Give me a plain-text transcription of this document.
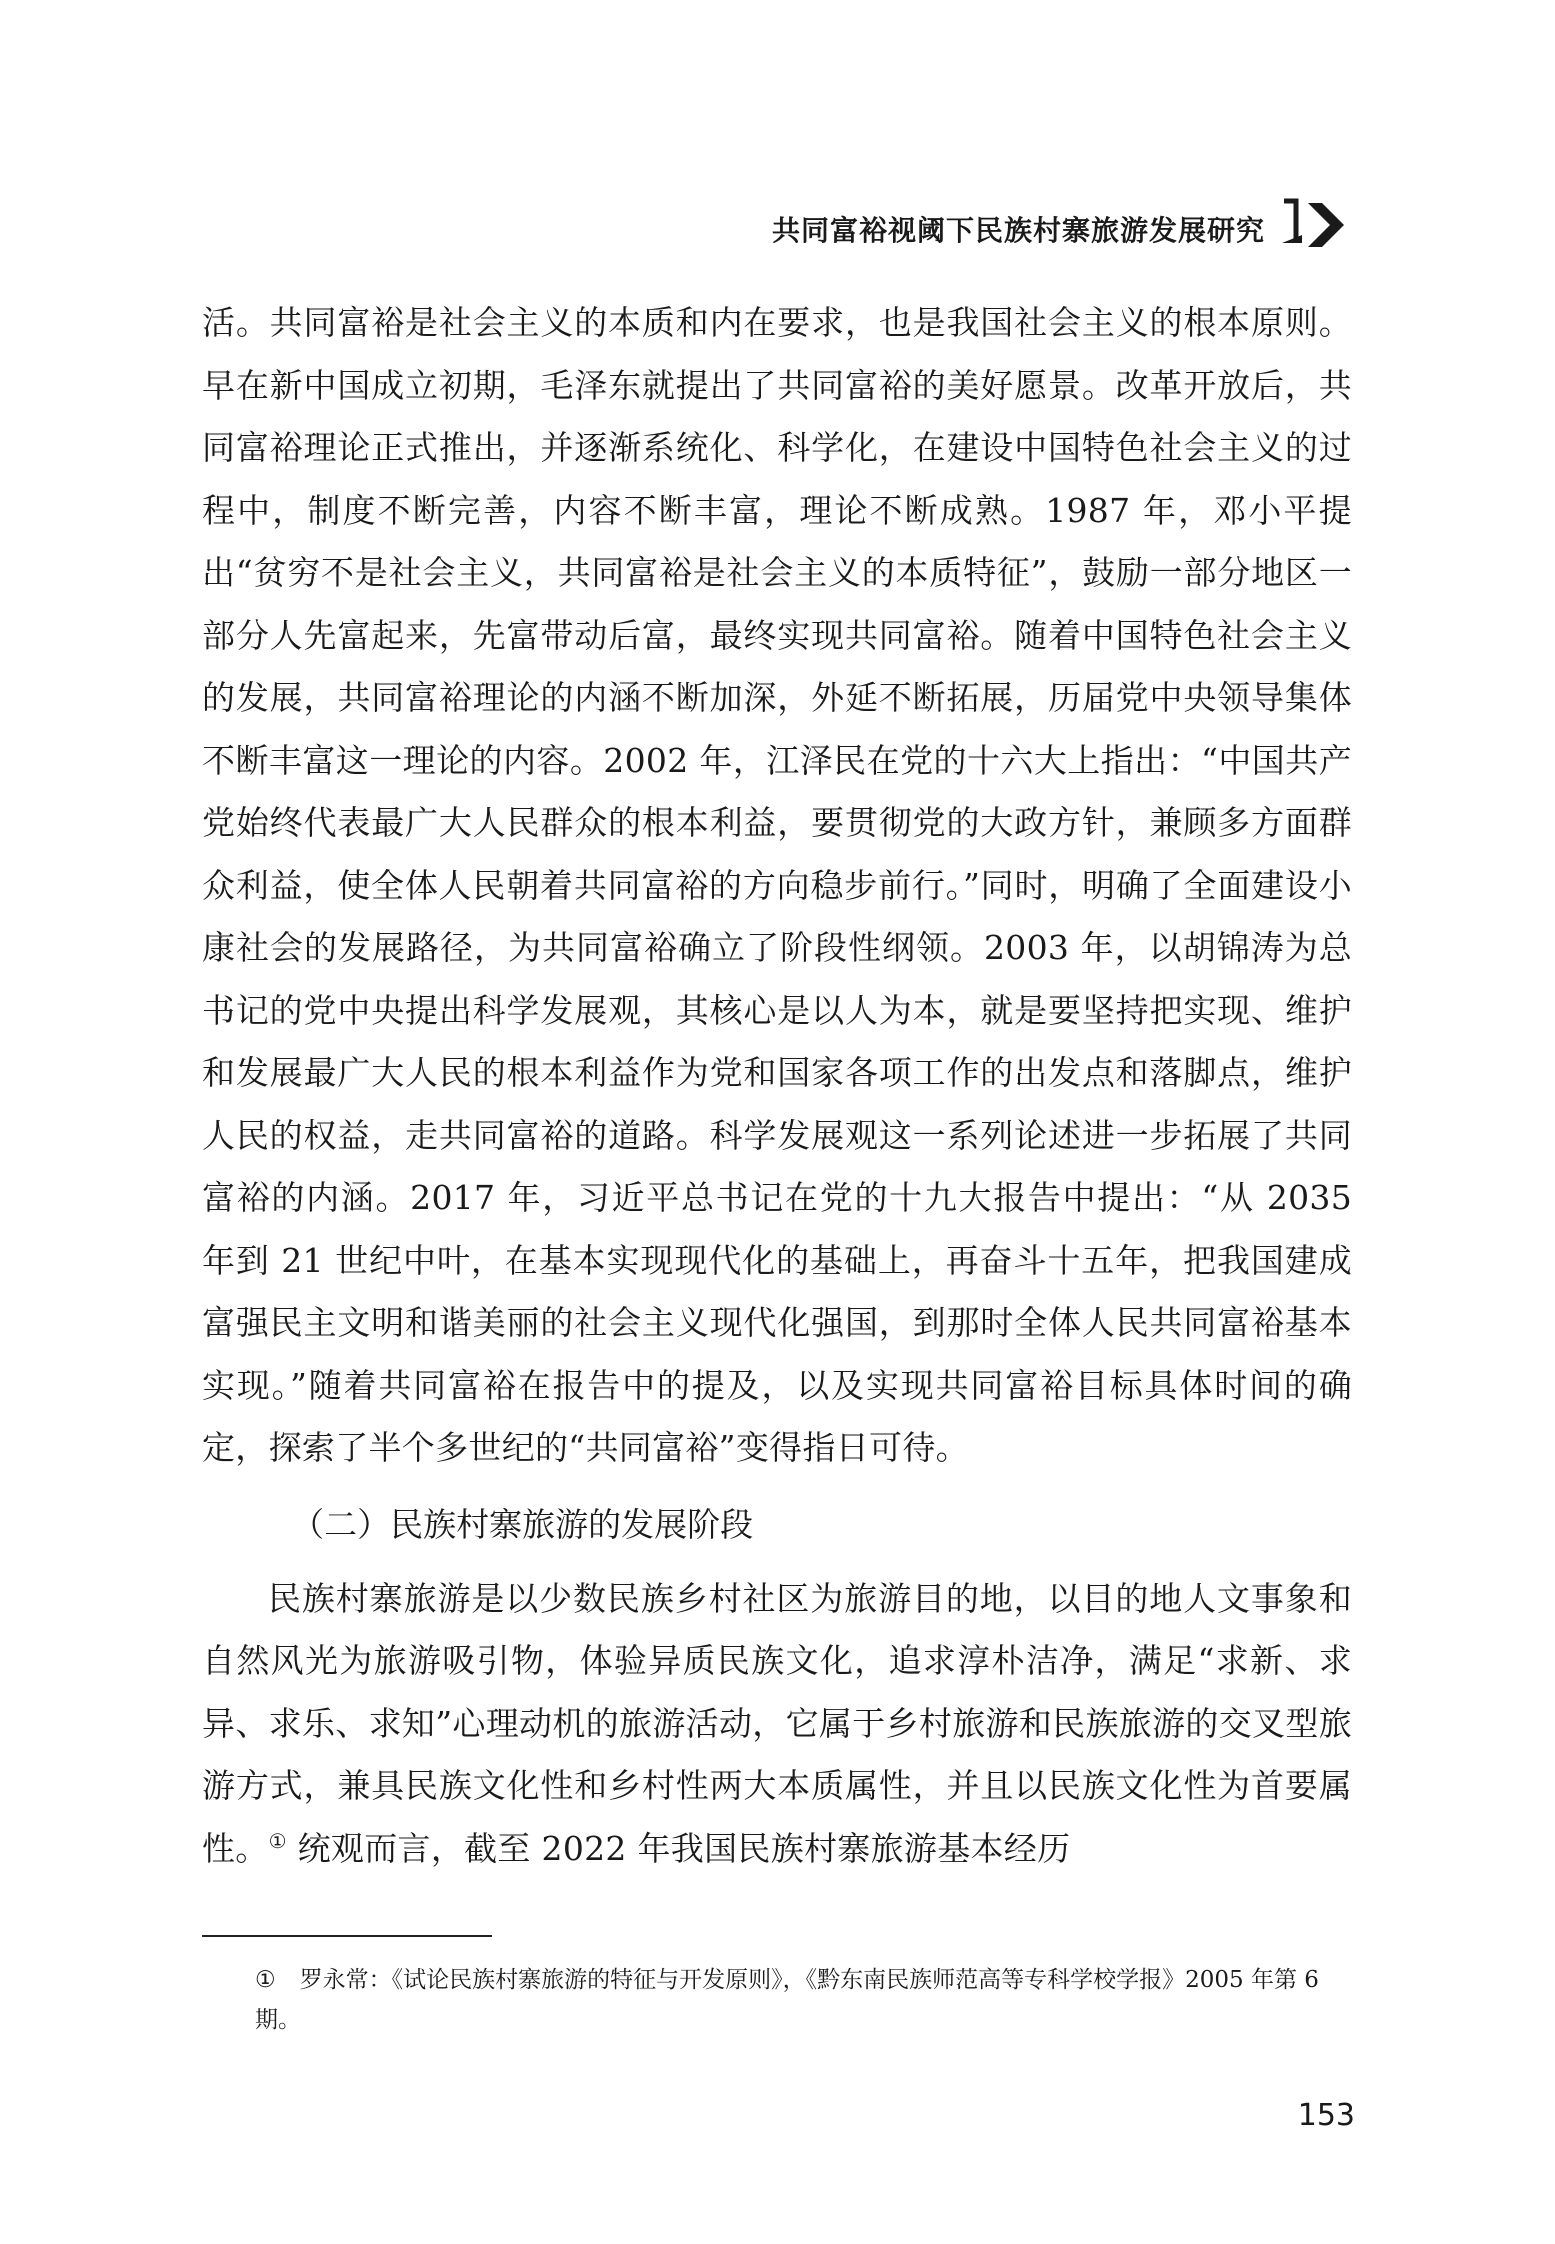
共同富裕视阈下民族村寨旅游发展研究

活。共同富裕是社会主义的本质和内在要求，也是我国社会主义的根本原则。早在新中国成立初期，毛泽东就提出了共同富裕的美好愿景。改革开放后，共同富裕理论正式推出，并逐渐系统化、科学化，在建设中国特色社会主义的过程中，制度不断完善，内容不断丰富，理论不断成熟。1987 年，邓小平提出“贫穷不是社会主义，共同富裕是社会主义的本质特征”，鼓励一部分地区一部分人先富起来，先富带动后富，最终实现共同富裕。随着中国特色社会主义的发展，共同富裕理论的内涵不断加深，外延不断拓展，历届党中央领导集体不断丰富这一理论的内容。2002 年，江泽民在党的十六大上指出：“中国共产党始终代表最广大人民群众的根本利益，要贯彻党的大政方针，兼顾多方面群众利益，使全体人民朝着共同富裕的方向稳步前行。”同时，明确了全面建设小康社会的发展路径，为共同富裕确立了阶段性纲领。2003 年，以胡锦涛为总书记的党中央提出科学发展观，其核心是以人为本，就是要坚持把实现、维护和发展最广大人民的根本利益作为党和国家各项工作的出发点和落脚点，维护人民的权益，走共同富裕的道路。科学发展观这一系列论述进一步拓展了共同富裕的内涵。2017 年，习近平总书记在党的十九大报告中提出：“从 2035 年到 21 世纪中叶，在基本实现现代化的基础上，再奋斗十五年，把我国建成富强民主文明和谐美丽的社会主义现代化强国，到那时全体人民共同富裕基本实现。”随着共同富裕在报告中的提及，以及实现共同富裕目标具体时间的确定，探索了半个多世纪的“共同富裕”变得指日可待。

（二）民族村寨旅游的发展阶段

民族村寨旅游是以少数民族乡村社区为旅游目的地，以目的地人文事象和自然风光为旅游吸引物，体验异质民族文化，追求淳朴洁净，满足“求新、求异、求乐、求知”心理动机的旅游活动，它属于乡村旅游和民族旅游的交叉型旅游方式，兼具民族文化性和乡村性两大本质属性，并且以民族文化性为首要属性。① 统观而言，截至 2022 年我国民族村寨旅游基本经历

① 罗永常：《试论民族村寨旅游的特征与开发原则》，《黔东南民族师范高等专科学校学报》2005 年第 6 期。
153
